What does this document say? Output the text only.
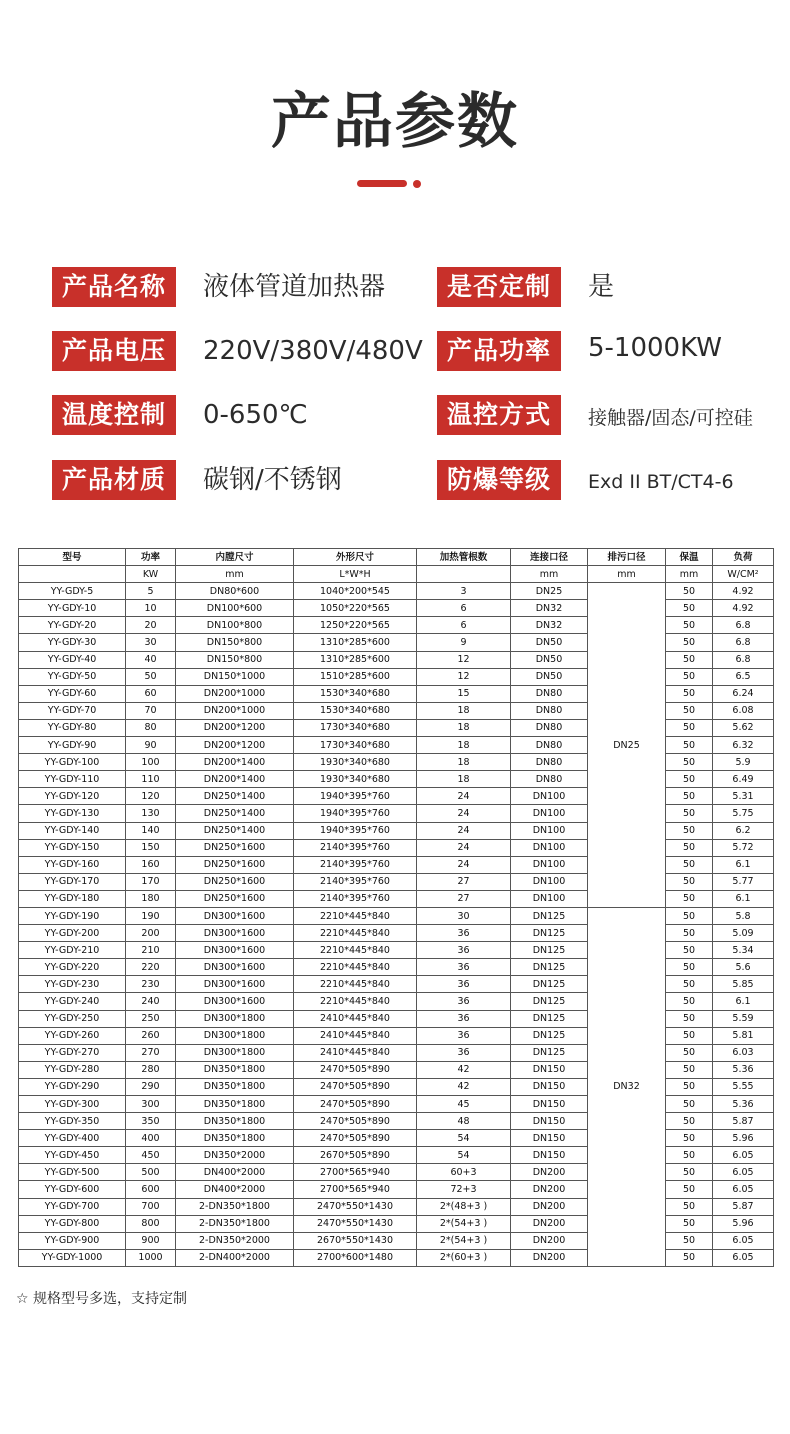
产品参数
产品名称	液体管道加热器	是否定制	是
产品电压	220V/380V/480V 产品功率	5-1000KW
温度控制	0-650℃	温控方式	接触器/固态/可控硅
产品材质	碳钢/不锈钢	防爆等级	Exd II BT/CT4-6
型号	功率	内膛尺寸	外形尺寸	加热管根数	连接口径	排污口径	保温	负荷
	KW	mm	L*W*H		mm	mm	mm	W/CM²
YY-GDY-5	5	DN80*600	1040*200*545	3	DN25	DN25	50	4.92
YY-GDY-10	10	DN100*600	1050*220*565	6	DN32		50	4.92
YY-GDY-20	20	DN100*800	1250*220*565	6	DN32		50	6.8
YY-GDY-30	30	DN150*800	1310*285*600	9	DN50		50	6.8
YY-GDY-40	40	DN150*800	1310*285*600	12	DN50		50	6.8
YY-GDY-50	50	DN150*1000	1510*285*600	12	DN50		50	6.5
YY-GDY-60	60	DN200*1000	1530*340*680	15	DN80		50	6.24
YY-GDY-70	70	DN200*1000	1530*340*680	18	DN80		50	6.08
YY-GDY-80	80	DN200*1200	1730*340*680	18	DN80		50	5.62
YY-GDY-90	90	DN200*1200	1730*340*680	18	DN80		50	6.32
YY-GDY-100	100	DN200*1400	1930*340*680	18	DN80		50	5.9
YY-GDY-110	110	DN200*1400	1930*340*680	18	DN80		50	6.49
YY-GDY-120	120	DN250*1400	1940*395*760	24	DN100		50	5.31
YY-GDY-130	130	DN250*1400	1940*395*760	24	DN100		50	5.75
YY-GDY-140	140	DN250*1400	1940*395*760	24	DN100		50	6.2
YY-GDY-150	150	DN250*1600	2140*395*760	24	DN100		50	5.72
YY-GDY-160	160	DN250*1600	2140*395*760	24	DN100		50	6.1
YY-GDY-170	170	DN250*1600	2140*395*760	27	DN100		50	5.77
YY-GDY-180	180	DN250*1600	2140*395*760	27	DN100		50	6.1
YY-GDY-190	190	DN300*1600	2210*445*840	30	DN125	DN32	50	5.8
YY-GDY-200	200	DN300*1600	2210*445*840	36	DN125		50	5.09
YY-GDY-210	210	DN300*1600	2210*445*840	36	DN125		50	5.34
YY-GDY-220	220	DN300*1600	2210*445*840	36	DN125		50	5.6
YY-GDY-230	230	DN300*1600	2210*445*840	36	DN125		50	5.85
YY-GDY-240	240	DN300*1600	2210*445*840	36	DN125		50	6.1
YY-GDY-250	250	DN300*1800	2410*445*840	36	DN125		50	5.59
YY-GDY-260	260	DN300*1800	2410*445*840	36	DN125		50	5.81
YY-GDY-270	270	DN300*1800	2410*445*840	36	DN125		50	6.03
YY-GDY-280	280	DN350*1800	2470*505*890	42	DN150		50	5.36
YY-GDY-290	290	DN350*1800	2470*505*890	42	DN150		50	5.55
YY-GDY-300	300	DN350*1800	2470*505*890	45	DN150		50	5.36
YY-GDY-350	350	DN350*1800	2470*505*890	48	DN150		50	5.87
YY-GDY-400	400	DN350*1800	2470*505*890	54	DN150		50	5.96
YY-GDY-450	450	DN350*2000	2670*505*890	54	DN150		50	6.05
YY-GDY-500	500	DN400*2000	2700*565*940	60+3	DN200		50	6.05
YY-GDY-600	600	DN400*2000	2700*565*940	72+3	DN200		50	6.05
YY-GDY-700	700	2-DN350*1800	2470*550*1430	2*(48+3 )	DN200		50	5.87
YY-GDY-800	800	2-DN350*1800	2470*550*1430	2*(54+3 )	DN200		50	5.96
YY-GDY-900	900	2-DN350*2000	2670*550*1430	2*(54+3 )	DN200		50	6.05
YY-GDY-1000	1000	2-DN400*2000	2700*600*1480	2*(60+3 )	DN200		50	6.05
☆ 规格型号多选，支持定制
